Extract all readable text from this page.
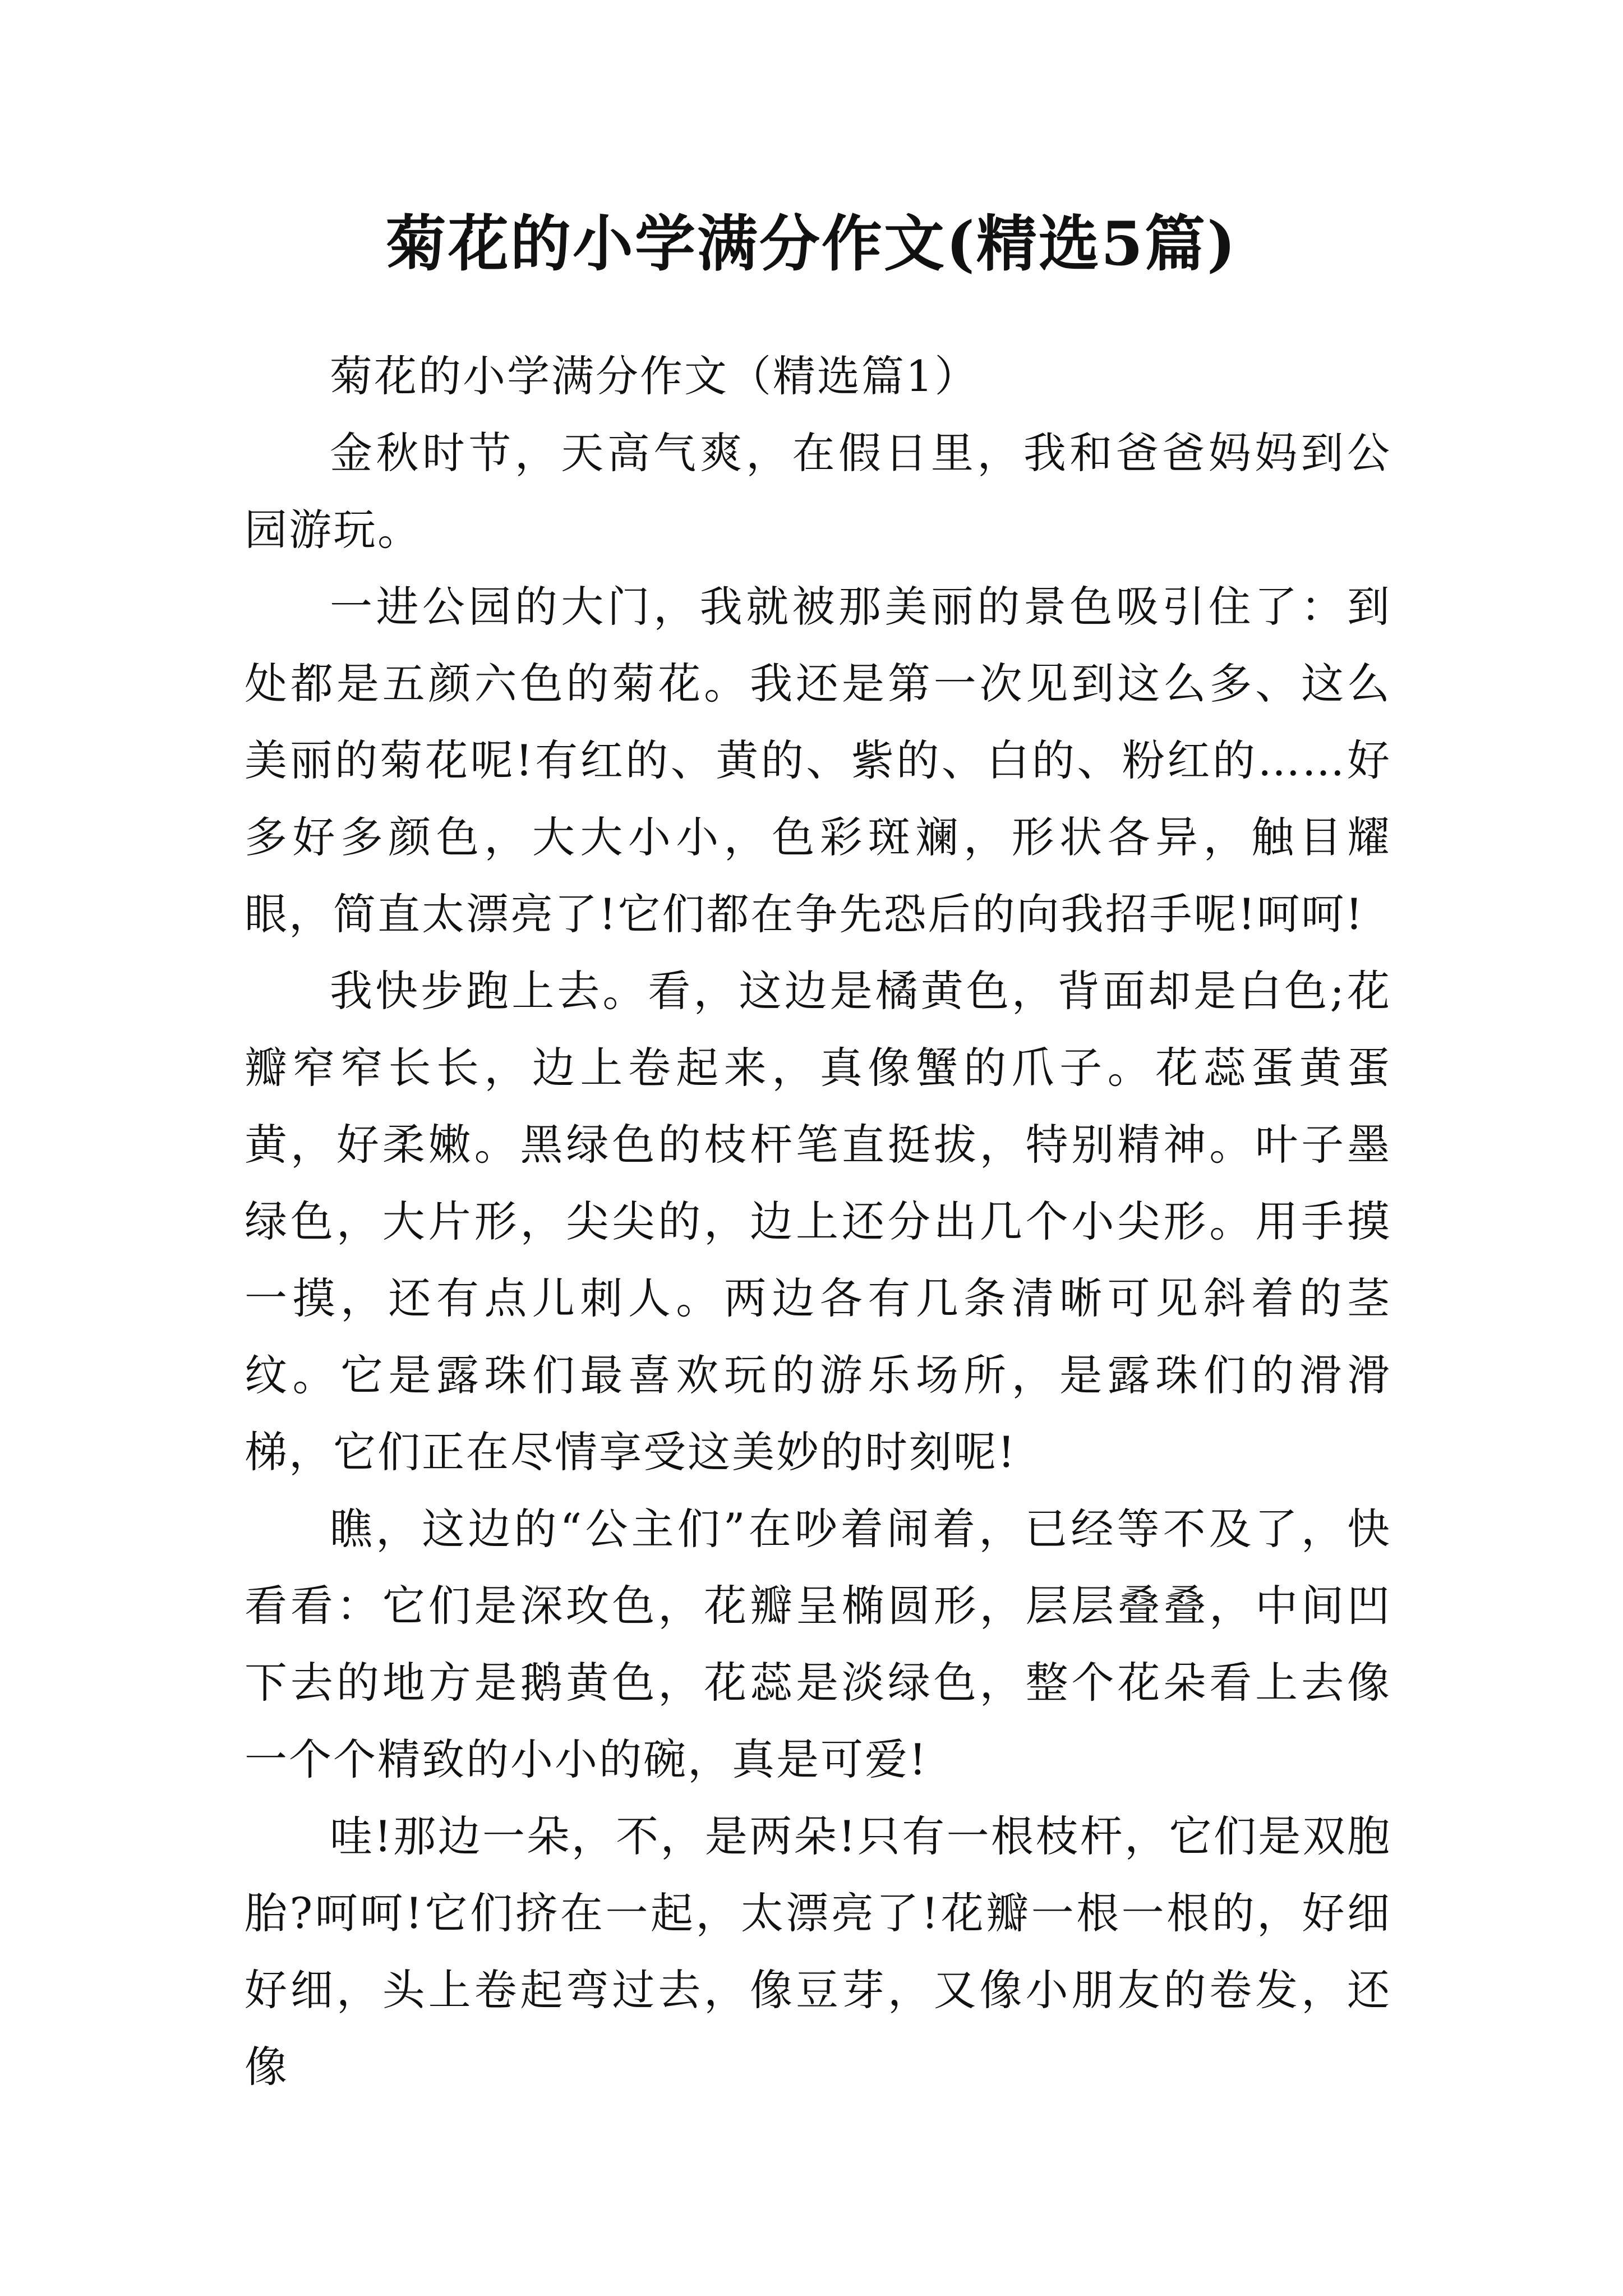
菊花的小学满分作文(精选5篇)

菊花的小学满分作文（精选篇1）

金秋时节，天高气爽，在假日里，我和爸爸妈妈到公园游玩。

一进公园的大门，我就被那美丽的景色吸引住了：到处都是五颜六色的菊花。我还是第一次见到这么多、这么美丽的菊花呢!有红的、黄的、紫的、白的、粉红的……好多好多颜色，大大小小，色彩斑斓，形状各异，触目耀眼，简直太漂亮了!它们都在争先恐后的向我招手呢!呵呵!

我快步跑上去。看，这边是橘黄色，背面却是白色;花瓣窄窄长长，边上卷起来，真像蟹的爪子。花蕊蛋黄蛋黄，好柔嫩。黑绿色的枝杆笔直挺拔，特别精神。叶子墨绿色，大片形，尖尖的，边上还分出几个小尖形。用手摸一摸，还有点儿刺人。两边各有几条清晰可见斜着的茎纹。它是露珠们最喜欢玩的游乐场所，是露珠们的滑滑梯，它们正在尽情享受这美妙的时刻呢!

瞧，这边的“公主们”在吵着闹着，已经等不及了，快看看：它们是深玫色，花瓣呈椭圆形，层层叠叠，中间凹下去的地方是鹅黄色，花蕊是淡绿色，整个花朵看上去像一个个精致的小小的碗，真是可爱!

哇!那边一朵，不，是两朵!只有一根枝杆，它们是双胞胎?呵呵!它们挤在一起，太漂亮了!花瓣一根一根的，好细好细，头上卷起弯过去，像豆芽，又像小朋友的卷发，还像
